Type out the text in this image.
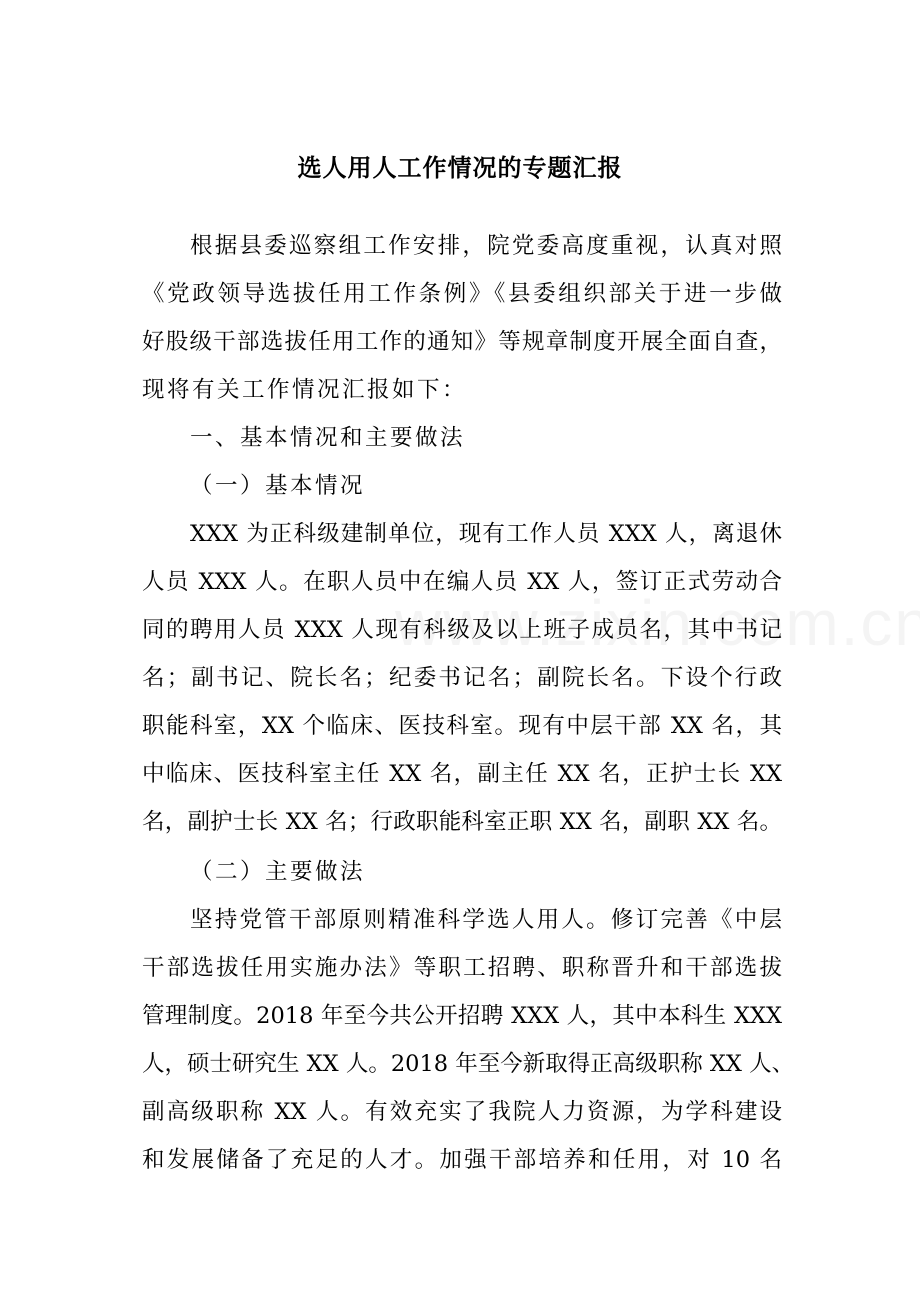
选人用人工作情况的专题汇报
根据县委巡察组工作安排，院党委高度重视，认真对照
《党政领导选拔任用工作条例》《县委组织部关于进一步做
好股级干部选拔任用工作的通知》等规章制度开展全面自查，
现将有关工作情况汇报如下：
一、基本情况和主要做法
（一）基本情况
XXX 为正科级建制单位，现有工作人员 XXX 人，离退休
人员 XXX 人。在职人员中在编人员 XX 人，签订正式劳动合
同的聘用人员 XXX 人现有科级及以上班子成员名，其中书记
名；副书记、院长名；纪委书记名；副院长名。下设个行政
职能科室，XX 个临床、医技科室。现有中层干部 XX 名，其
中临床、医技科室主任 XX 名，副主任 XX 名，正护士长 XX
名，副护士长 XX 名；行政职能科室正职 XX 名，副职 XX 名。
（二）主要做法
坚持党管干部原则精准科学选人用人。修订完善《中层
干部选拔任用实施办法》等职工招聘、职称晋升和干部选拔
管理制度。2018 年至今共公开招聘 XXX 人，其中本科生 XXX
人，硕士研究生 XX 人。2018 年至今新取得正高级职称 XX 人、
副高级职称 XX 人。有效充实了我院人力资源，为学科建设
和发展储备了充足的人才。加强干部培养和任用，对 10 名
